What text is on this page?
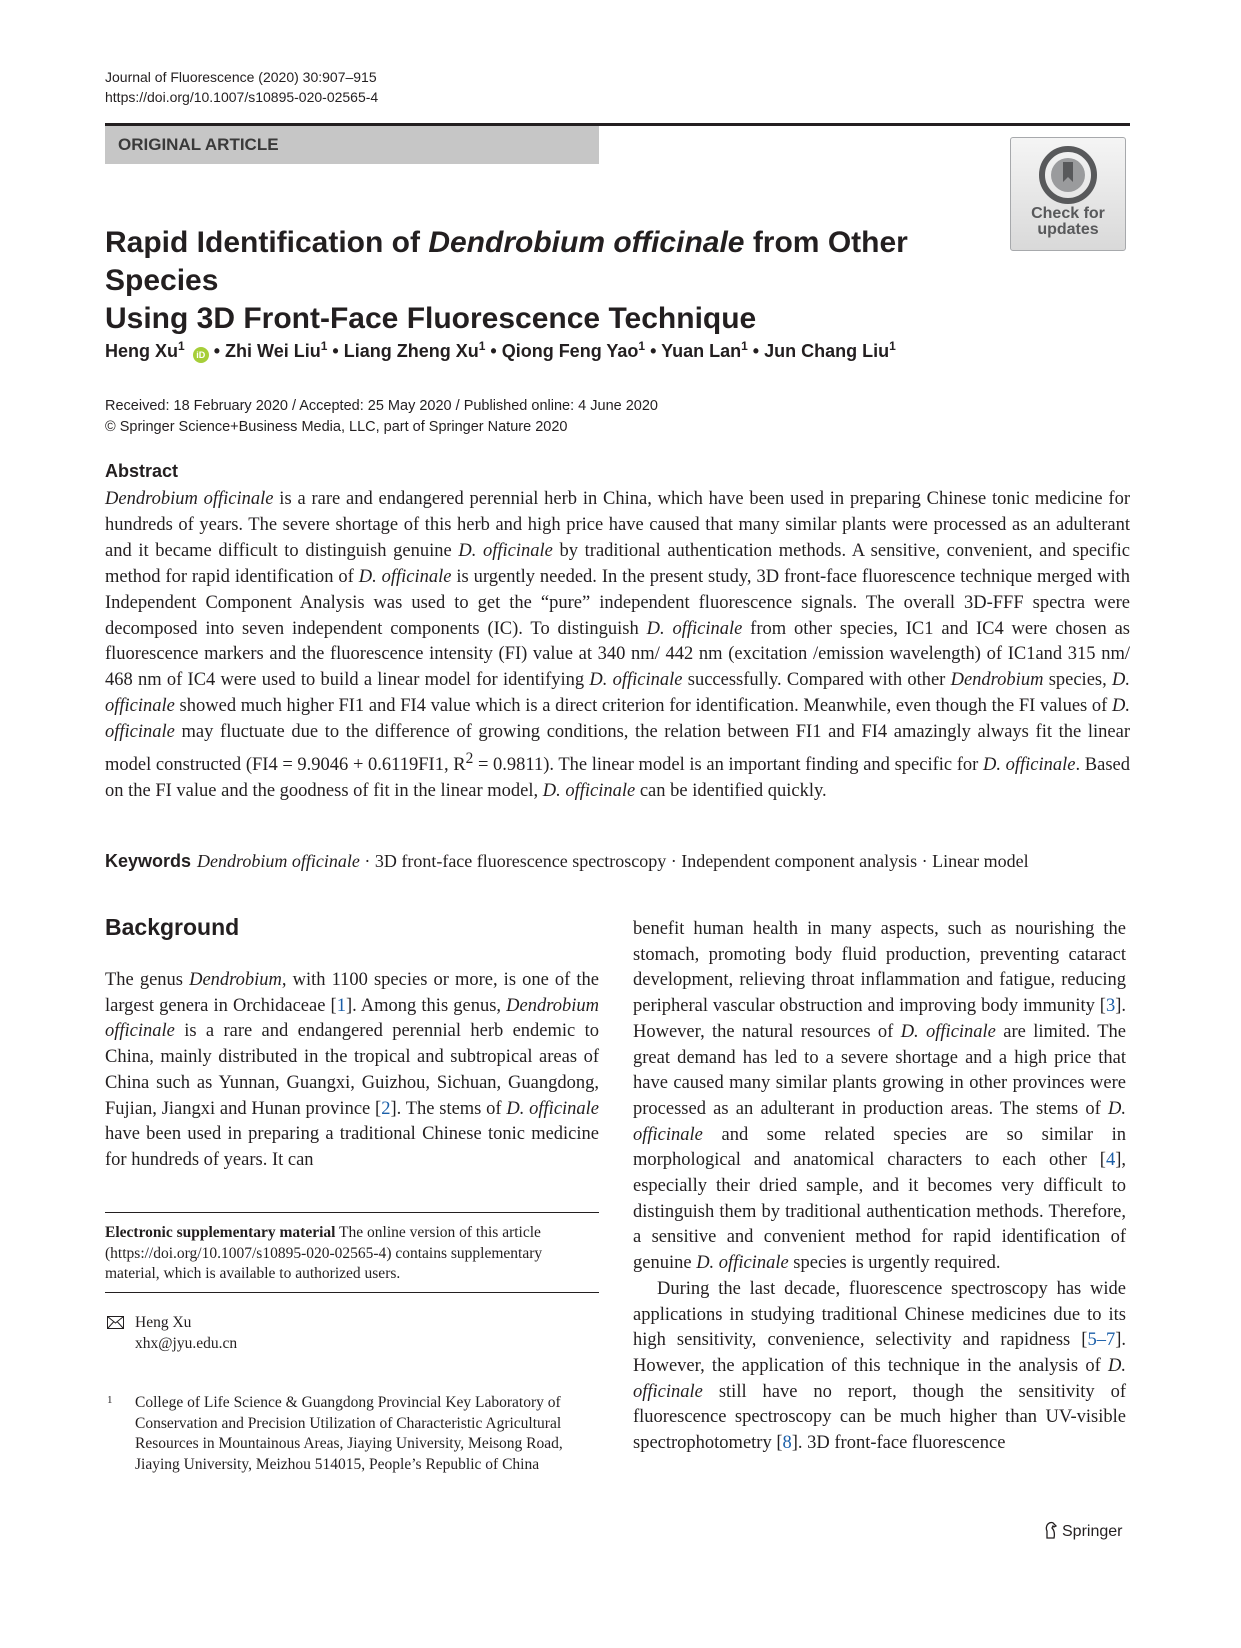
Journal of Fluorescence (2020) 30:907–915
https://doi.org/10.1007/s10895-020-02565-4
ORIGINAL ARTICLE
Check for
updates
Rapid Identification of Dendrobium officinale from Other Species
Using 3D Front-Face Fluorescence Technique
Heng Xu$^1$ iD • Zhi Wei Liu$^1$ • Liang Zheng Xu$^1$ • Qiong Feng Yao$^1$ • Yuan Lan$^1$ • Jun Chang Liu$^1$
Received: 18 February 2020 / Accepted: 25 May 2020 / Published online: 4 June 2020
© Springer Science+Business Media, LLC, part of Springer Nature 2020
Abstract
Dendrobium officinale is a rare and endangered perennial herb in China, which have been used in preparing Chinese tonic medicine for hundreds of years. The severe shortage of this herb and high price have caused that many similar plants were processed as an adulterant and it became difficult to distinguish genuine D. officinale by traditional authentication methods. A sensitive, convenient, and specific method for rapid identification of D. officinale is urgently needed. In the present study, 3D front-face fluorescence technique merged with Independent Component Analysis was used to get the “pure” independent fluorescence signals. The overall 3D-FFF spectra were decomposed into seven independent components (IC). To distinguish D. officinale from other species, IC1 and IC4 were chosen as fluorescence markers and the fluorescence intensity (FI) value at 340 nm/ 442 nm (excitation /emission wavelength) of IC1and 315 nm/ 468 nm of IC4 were used to build a linear model for identifying D. officinale successfully. Compared with other Dendrobium species, D. officinale showed much higher FI1 and FI4 value which is a direct criterion for identification. Meanwhile, even though the FI values of D. officinale may fluctuate due to the difference of growing conditions, the relation between FI1 and FI4 amazingly always fit the linear model constructed (FI4 = 9.9046 + 0.6119FI1, $R^2 = 0.9811$). The linear model is an important finding and specific for D. officinale. Based on the FI value and the goodness of fit in the linear model, D. officinale can be identified quickly.
Keywords Dendrobium officinale · 3D front-face fluorescence spectroscopy · Independent component analysis · Linear model
Background
The genus Dendrobium, with 1100 species or more, is one of the largest genera in Orchidaceae [1]. Among this genus, Dendrobium officinale is a rare and endangered perennial herb endemic to China, mainly distributed in the tropical and subtropical areas of China such as Yunnan, Guangxi, Guizhou, Sichuan, Guangdong, Fujian, Jiangxi and Hunan province [2]. The stems of D. officinale have been used in preparing a traditional Chinese tonic medicine for hundreds of years. It can

benefit human health in many aspects, such as nourishing the stomach, promoting body fluid production, preventing cataract development, relieving throat inflammation and fatigue, reducing peripheral vascular obstruction and improving body immunity [3]. However, the natural resources of D. officinale are limited. The great demand has led to a severe shortage and a high price that have caused many similar plants growing in other provinces were processed as an adulterant in production areas. The stems of D. officinale and some related species are so similar in morphological and anatomical characters to each other [4], especially their dried sample, and it becomes very difficult to distinguish them by traditional authentication methods. Therefore, a sensitive and convenient method for rapid identification of genuine D. officinale species is urgently required.

During the last decade, fluorescence spectroscopy has wide applications in studying traditional Chinese medicines due to its high sensitivity, convenience, selectivity and rapidness [5–7]. However, the application of this technique in the analysis of D. officinale still have no report, though the sensitivity of fluorescence spectroscopy can be much higher than UV-visible spectrophotometry [8]. 3D front-face fluorescence

Electronic supplementary material The online version of this article (https://doi.org/10.1007/s10895-020-02565-4) contains supplementary material, which is available to authorized users.
Heng Xu
xhx@jyu.edu.cn
1 College of Life Science & Guangdong Provincial Key Laboratory of Conservation and Precision Utilization of Characteristic Agricultural Resources in Mountainous Areas, Jiaying University, Meisong Road, Jiaying University, Meizhou 514015, People’s Republic of China
Springer
